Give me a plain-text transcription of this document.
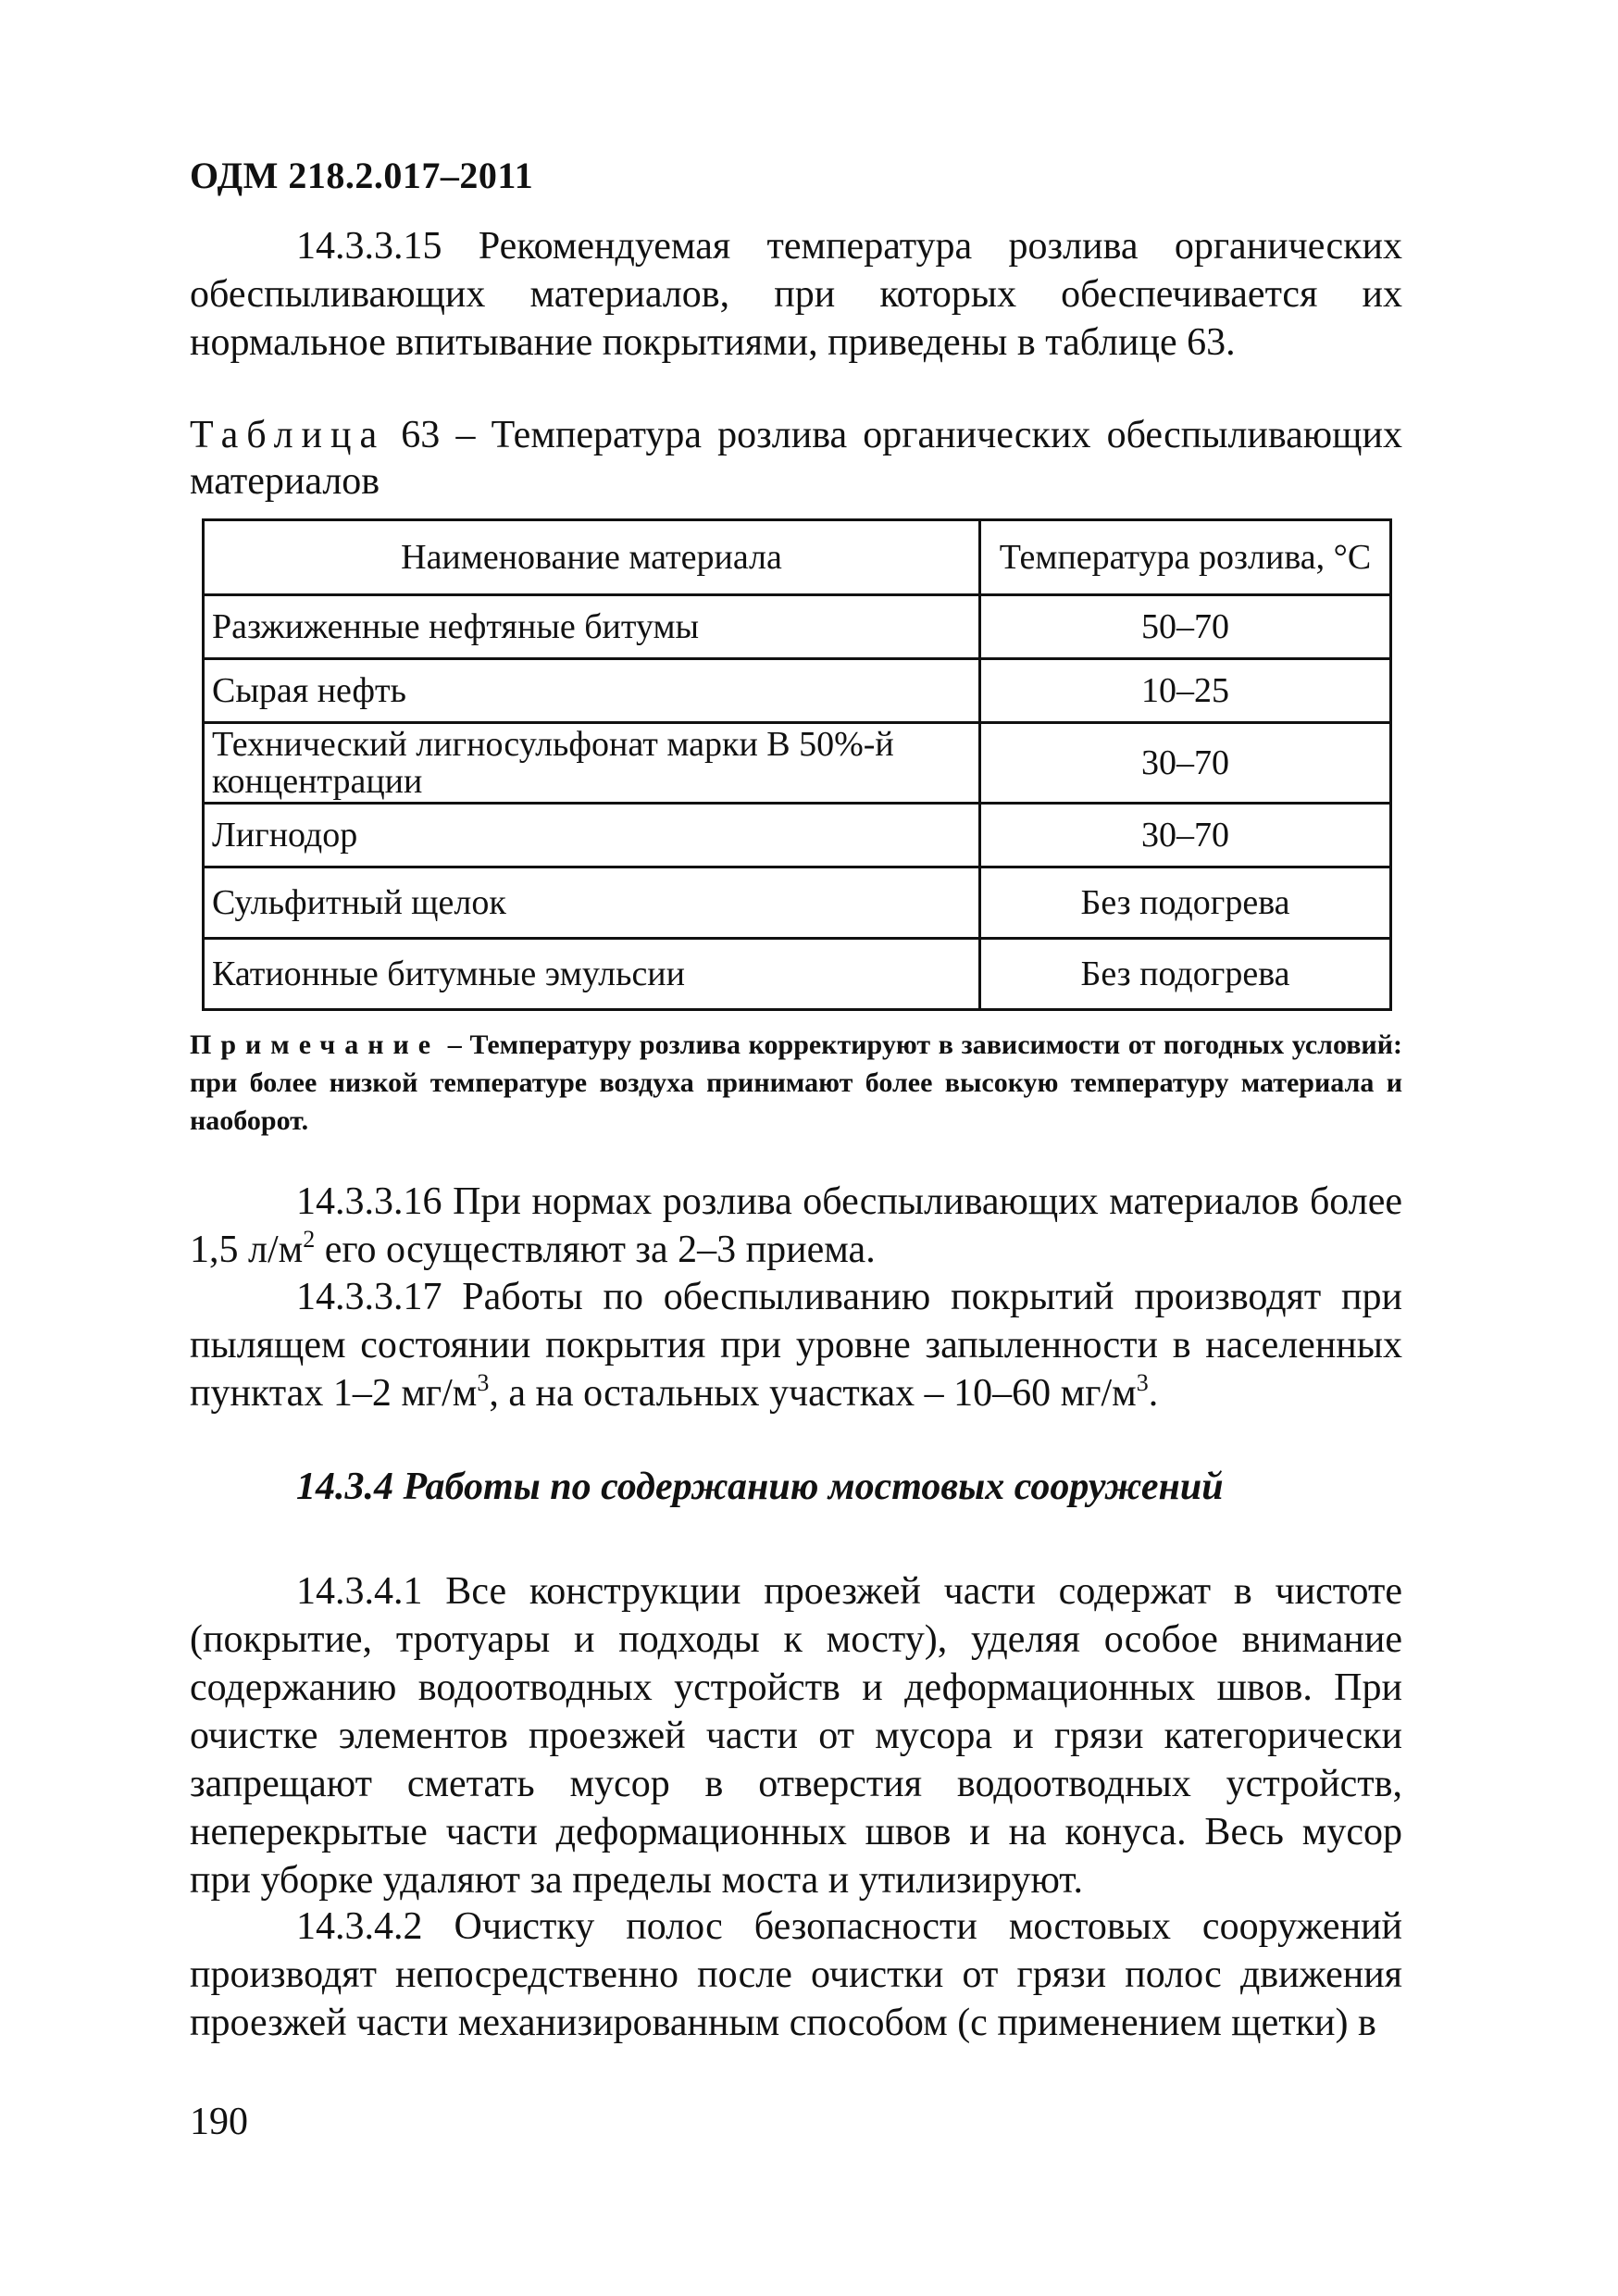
ОДМ 218.2.017–2011
14.3.3.15 Рекомендуемая температура розлива органических обеспыливающих материалов, при которых обеспечивается их нормальное впитывание покрытиями, приведены в таблице 63.
Таблица 63 – Температура розлива органических обеспыливающих материалов
Наименование материала	Температура розлива, °С
Разжиженные нефтяные битумы	50–70
Сырая нефть	10–25
Технический лигносульфонат марки В 50%-й концентрации	30–70
Лигнодор	30–70
Сульфитный щелок	Без подогрева
Катионные битумные эмульсии	Без подогрева
Примечание – Температуру розлива корректируют в зависимости от погодных условий: при более низкой температуре воздуха принимают более высокую температуру материала и наоборот.
14.3.3.16 При нормах розлива обеспыливающих материалов более 1,5 $л/м^2$ его осуществляют за 2–3 приема.
14.3.3.17 Работы по обеспыливанию покрытий производят при пылящем состоянии покрытия при уровне запыленности в населенных пунктах 1–2 $мг/м^3$, а на остальных участках – 10–60 $мг/м^3$.
14.3.4 Работы по содержанию мостовых сооружений
14.3.4.1 Все конструкции проезжей части содержат в чистоте (покрытие, тротуары и подходы к мосту), уделяя особое внимание содержанию водоотводных устройств и деформационных швов. При очистке элементов проезжей части от мусора и грязи категорически запрещают сметать мусор в отверстия водоотводных устройств, неперекрытые части деформационных швов и на конуса. Весь мусор при уборке удаляют за пределы моста и утилизируют.
14.3.4.2 Очистку полос безопасности мостовых сооружений производят непосредственно после очистки от грязи полос движения проезжей части механизированным способом (с применением щетки) в
190
